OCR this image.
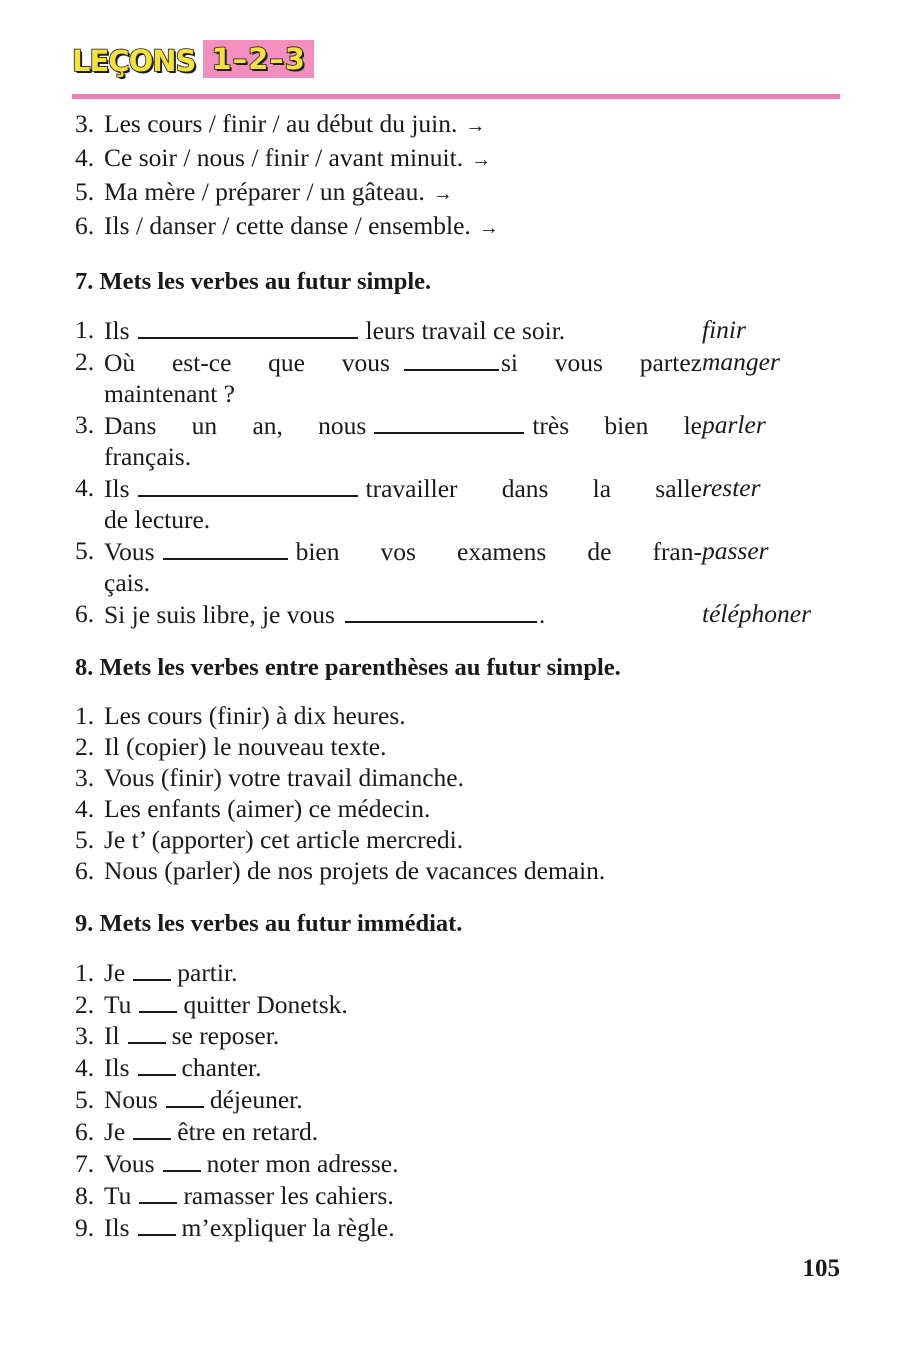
LEÇONS 1–2–3
3. Les cours / finir / au début du juin. →
4. Ce soir / nous / finir / avant minuit. →
5. Ma mère / préparer / un gâteau. →
6. Ils / danser / cette danse / ensemble. →
7. Mets les verbes au futur simple.
1. Ils	leurs travail ce soir.	finir
2. Où est-ce que vous	si vous partez manger
maintenant ?
3. Dans un an, nous	très bien le parler
français.
4. Ils	travailler dans la salle rester
de lecture.
5. Vous	bien vos examens de fran- passer
çais.
6. Si je suis libre, je vous	.	téléphoner
8. Mets les verbes entre parenthèses au futur simple.
1. Les cours (finir) à dix heures.
2. Il (copier) le nouveau texte.
3. Vous (finir) votre travail dimanche.
4. Les enfants (aimer) ce médecin.
5. Je t’ (apporter) cet article mercredi.
6. Nous (parler) de nos projets de vacances demain.
9. Mets les verbes au futur immédiat.
1. Je partir.
2. Tu quitter Donetsk.
3. Il se reposer.
4. Ils chanter.
5. Nous déjeuner.
6. Je être en retard.
7. Vous noter mon adresse.
8. Tu ramasser les cahiers.
9. Ils m’expliquer la règle.
105
